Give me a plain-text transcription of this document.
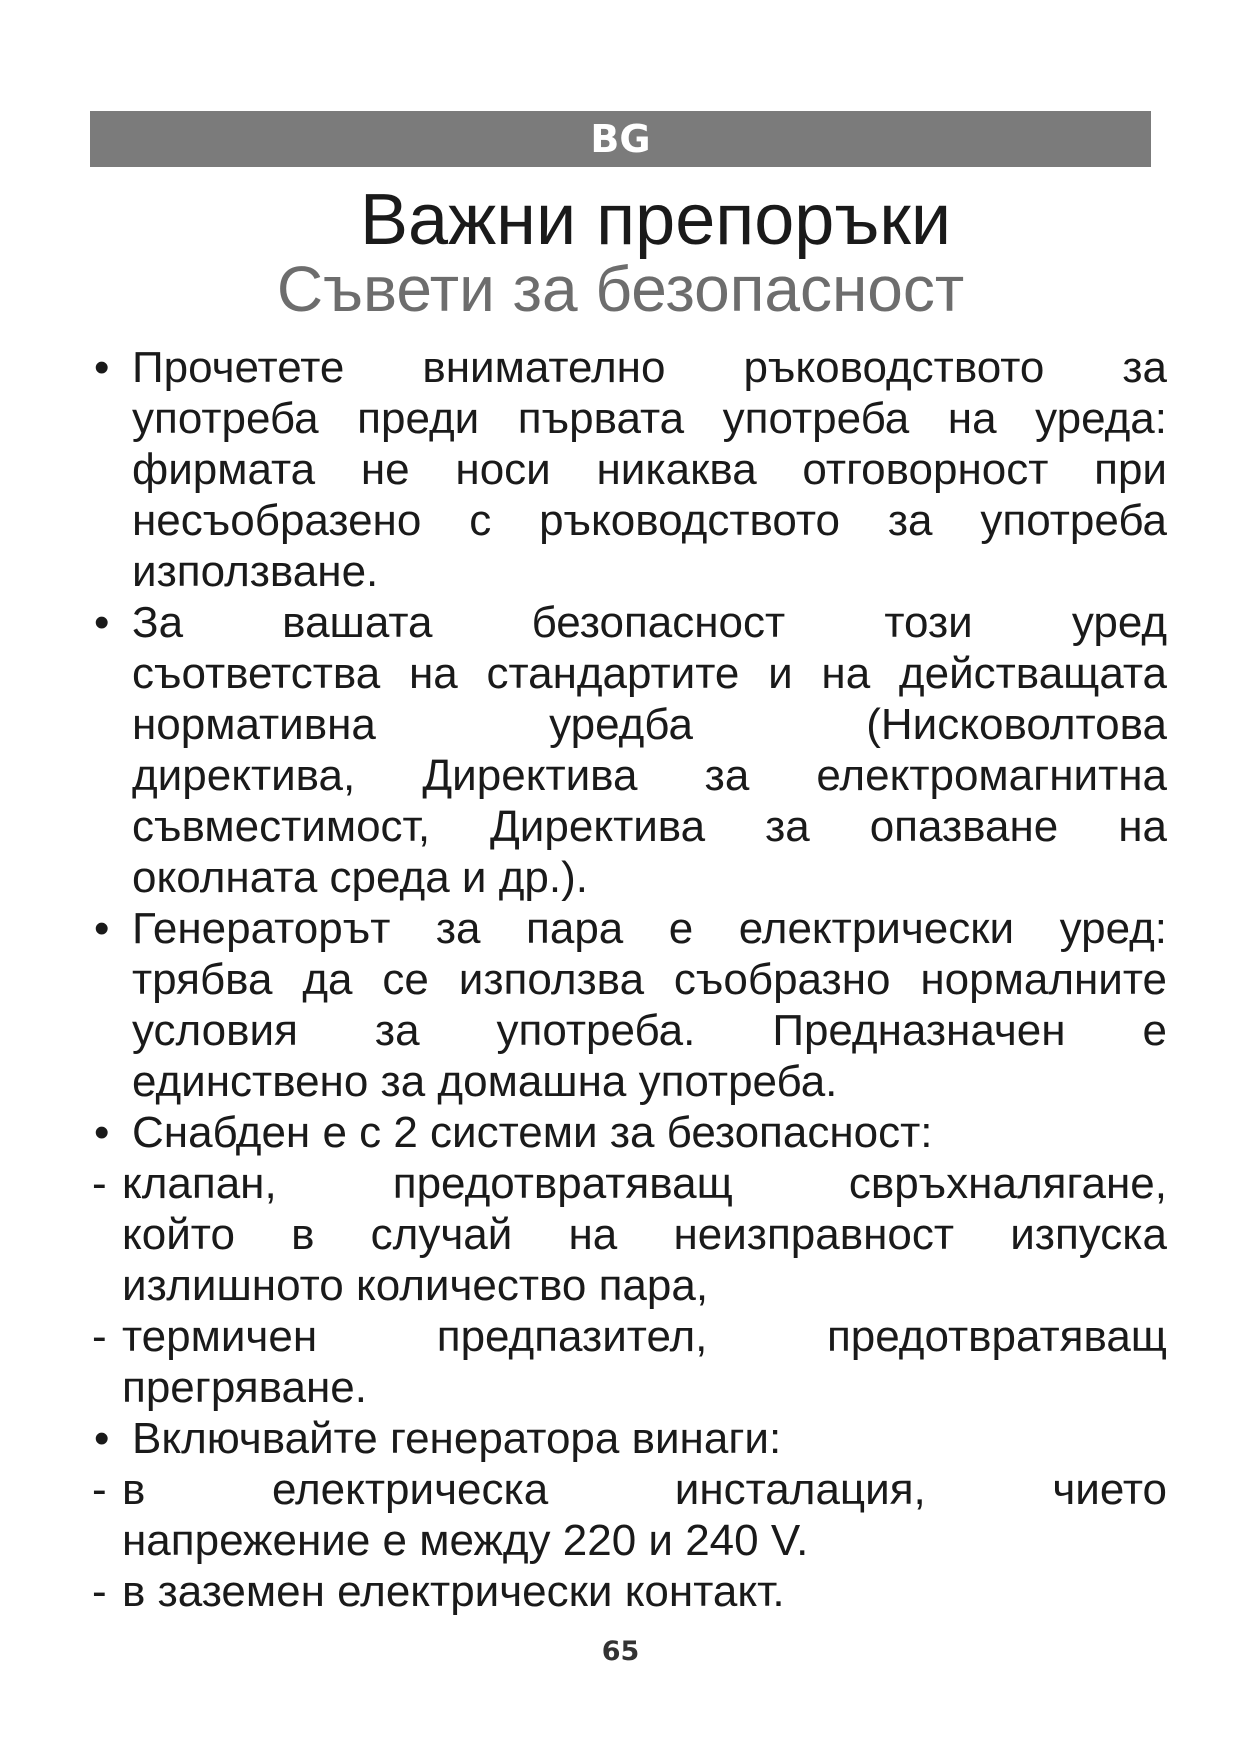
BG
Важни препоръки
Съвети за безопасност
• Прочетете внимателно ръководството за
употреба преди първата употреба на уреда:
фирмата не носи никаква отговорност при
несъобразено с ръководството за употреба
използване.
• За вашата безопасност този уред
съответства на стандартите и на действащата
нормативна уредба (Нисковолтова
директива, Директива за електромагнитна
съвместимост, Директива за опазване на
околната среда и др.).
• Генераторът за пара е електрически уред:
трябва да се използва съобразно нормалните
условия за употреба. Предназначен е
единствено за домашна употреба.
• Снабден е с 2 системи за безопасност:
- клапан, предотвратяващ свръхналягане,
който в случай на неизправност изпуска
излишното количество пара,
- термичен предпазител, предотвратяващ
прегряване.
• Включвайте генератора винаги:
- в електрическа инсталация, чието
напрежение е между 220 и 240 V.
- в заземен електрически контакт.
65
